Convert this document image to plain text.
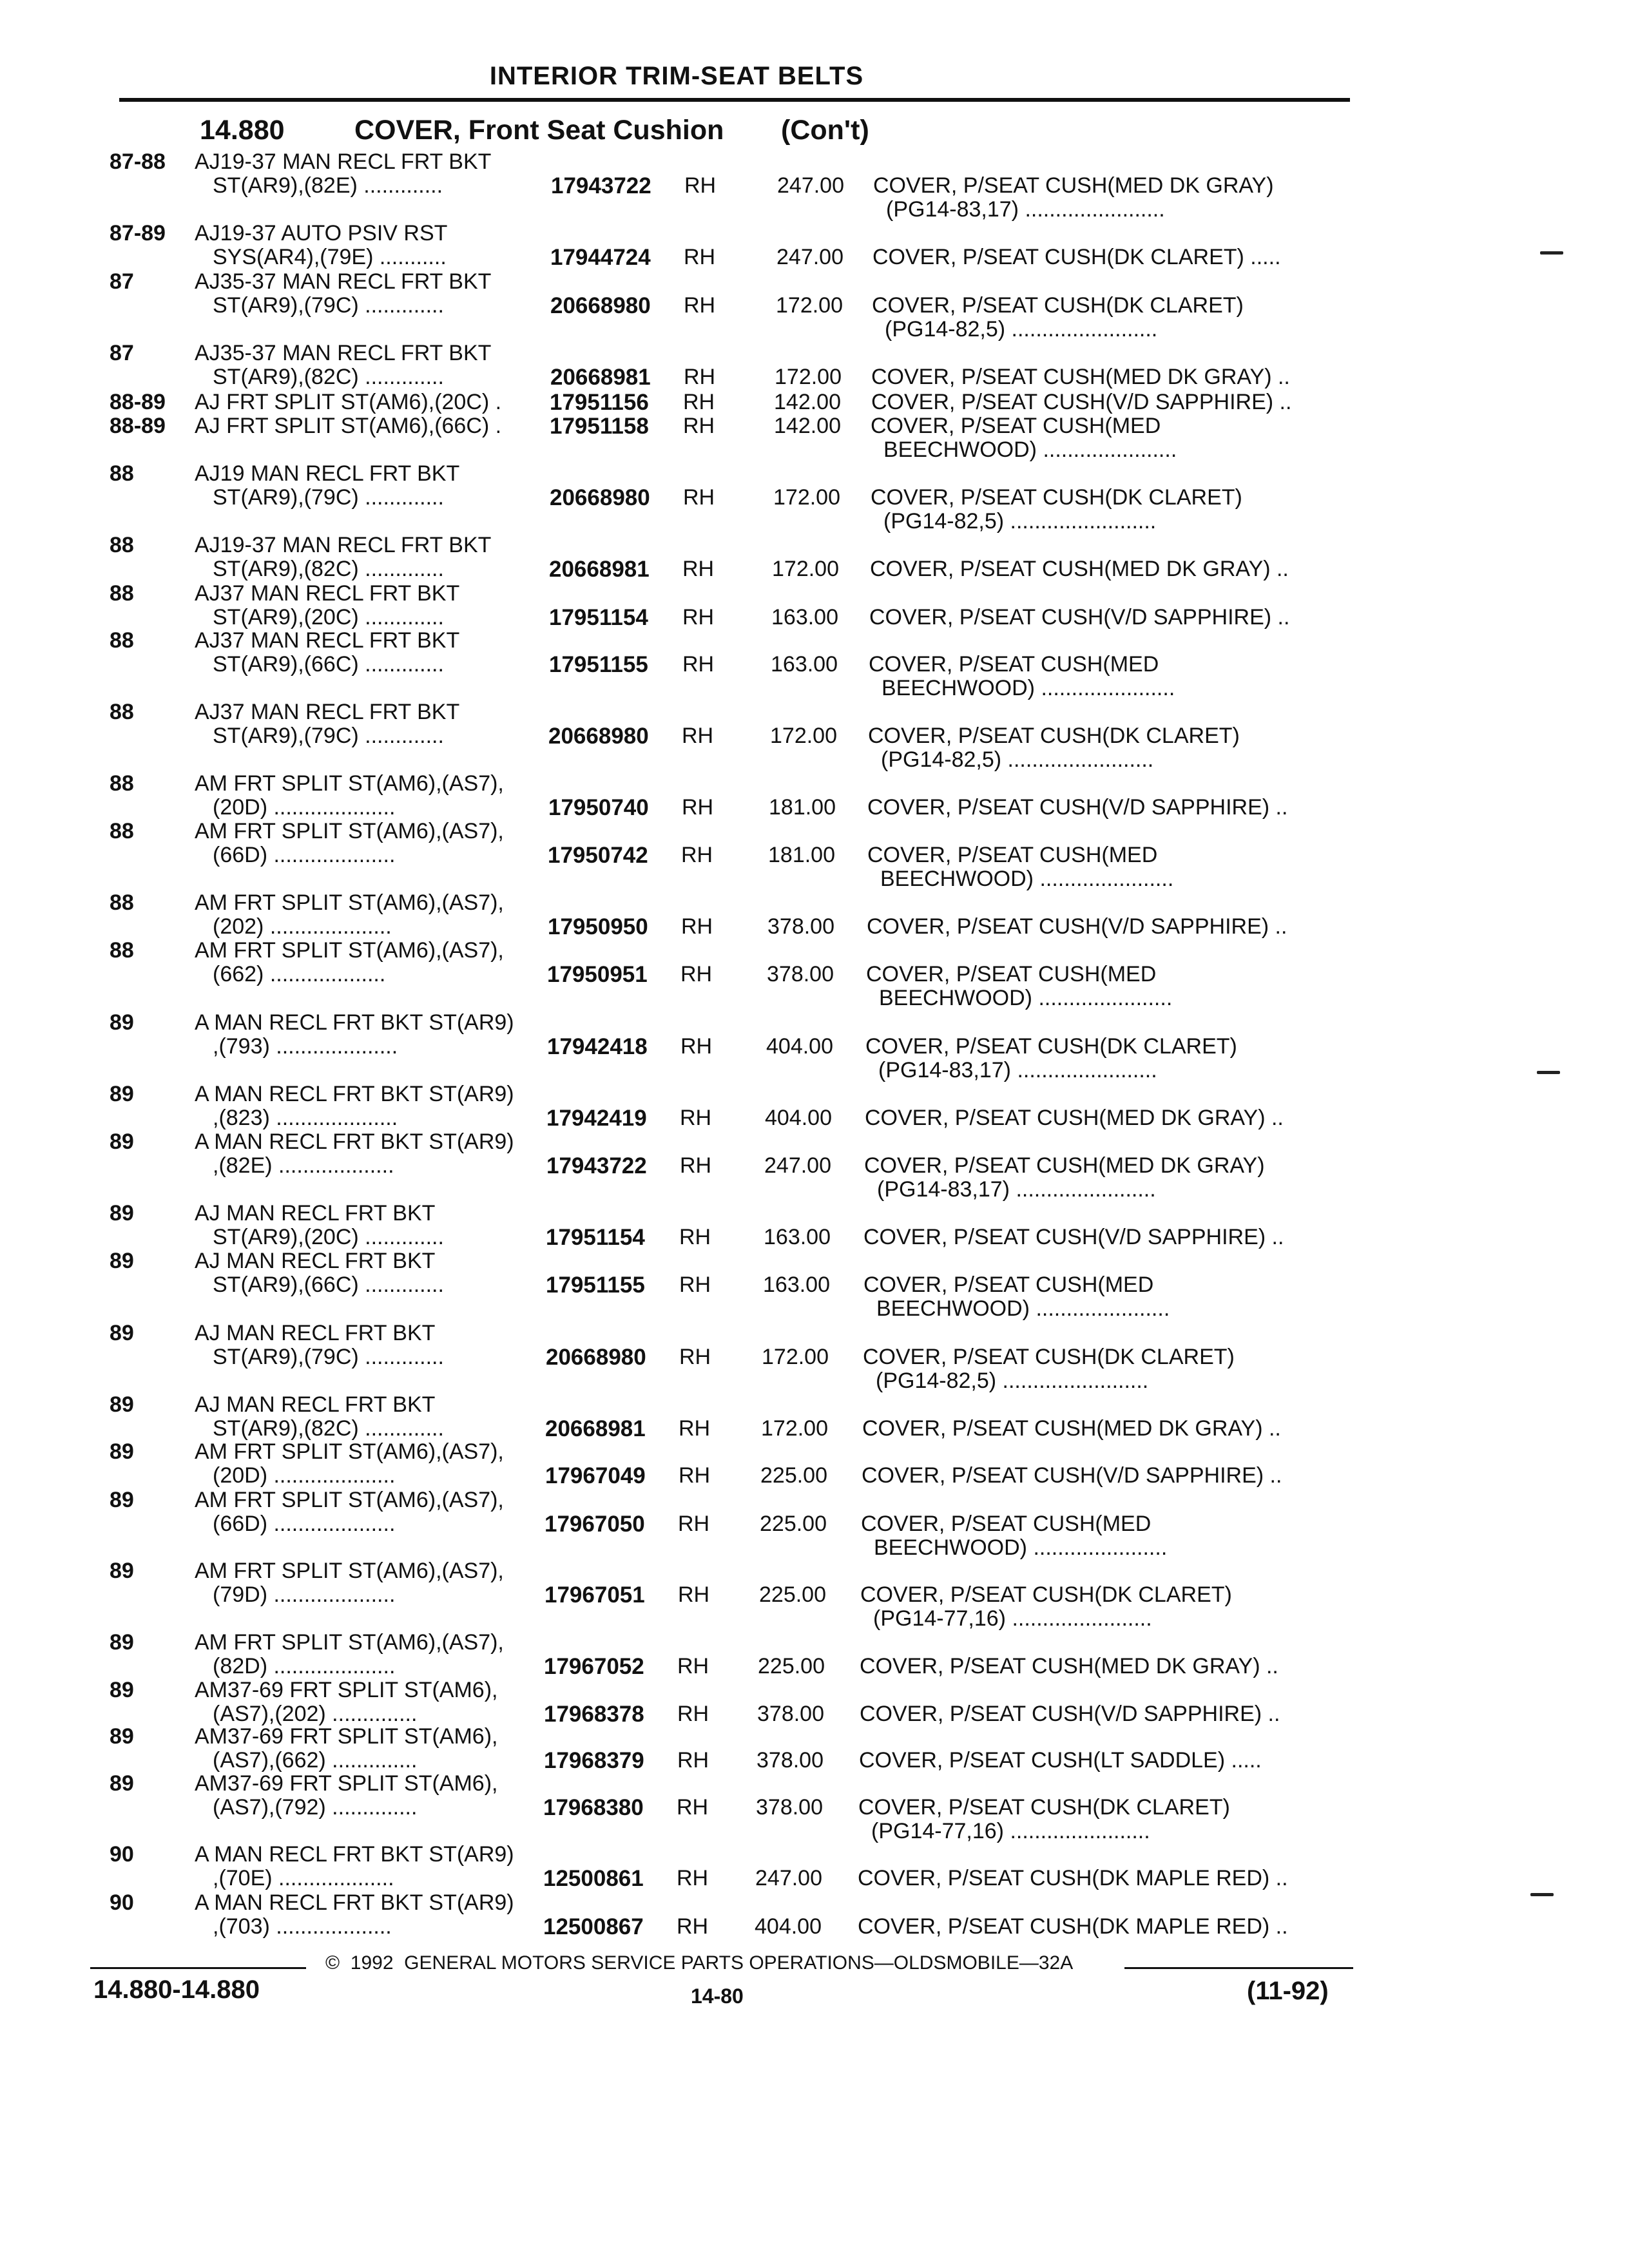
INTERIOR TRIM-SEAT BELTS

14.880

	COVER, Front Seat Cushion

(Con't)

87-88	AJ19-37 MAN RECL FRT BKT
ST(AR9),(82E) .............	17943722 RH	247.00 COVER, P/SEAT CUSH(MED DK GRAY)
(PG14-83,17) .......................
87-89	AJ19-37 AUTO PSIV RST
SYS(AR4),(79E) ...........	17944724 RH	247.00 COVER, P/SEAT CUSH(DK CLARET) .....
87	AJ35-37 MAN RECL FRT BKT
ST(AR9),(79C) .............	20668980 RH	172.00 COVER, P/SEAT CUSH(DK CLARET)
(PG14-82,5) ........................
87	AJ35-37 MAN RECL FRT BKT
ST(AR9),(82C) .............	20668981 RH	172.00 COVER, P/SEAT CUSH(MED DK GRAY) ..
88-89	AJ FRT SPLIT ST(AM6),(20C) . 17951156 RH	142.00 COVER, P/SEAT CUSH(V/D SAPPHIRE) ..
88-89	AJ FRT SPLIT ST(AM6),(66C) . 17951158 RH	142.00 COVER, P/SEAT CUSH(MED
BEECHWOOD) ......................
88	AJ19 MAN RECL FRT BKT
ST(AR9),(79C) .............	20668980 RH	172.00 COVER, P/SEAT CUSH(DK CLARET)
(PG14-82,5) ........................
88	AJ19-37 MAN RECL FRT BKT
ST(AR9),(82C) .............	20668981 RH	172.00 COVER, P/SEAT CUSH(MED DK GRAY) ..
88	AJ37 MAN RECL FRT BKT
ST(AR9),(20C) .............	17951154 RH	163.00 COVER, P/SEAT CUSH(V/D SAPPHIRE) ..
88	AJ37 MAN RECL FRT BKT
ST(AR9),(66C) .............	17951155 RH	163.00 COVER, P/SEAT CUSH(MED
BEECHWOOD) ......................
88	AJ37 MAN RECL FRT BKT
ST(AR9),(79C) .............	20668980 RH	172.00 COVER, P/SEAT CUSH(DK CLARET)
(PG14-82,5) ........................
88	AM FRT SPLIT ST(AM6),(AS7),
(20D) ....................	17950740 RH	181.00 COVER, P/SEAT CUSH(V/D SAPPHIRE) ..
88	AM FRT SPLIT ST(AM6),(AS7),
(66D) ....................	17950742 RH	181.00 COVER, P/SEAT CUSH(MED
BEECHWOOD) ......................
88	AM FRT SPLIT ST(AM6),(AS7),
(202) ....................	17950950 RH	378.00 COVER, P/SEAT CUSH(V/D SAPPHIRE) ..
88	AM FRT SPLIT ST(AM6),(AS7),
(662) ...................	17950951 RH	378.00 COVER, P/SEAT CUSH(MED
BEECHWOOD) ......................
89	A MAN RECL FRT BKT ST(AR9)
,(793) ....................	17942418 RH	404.00 COVER, P/SEAT CUSH(DK CLARET)
(PG14-83,17) .......................
89	A MAN RECL FRT BKT ST(AR9)
,(823) ....................	17942419 RH	404.00 COVER, P/SEAT CUSH(MED DK GRAY) ..
89	A MAN RECL FRT BKT ST(AR9)
,(82E) ...................	17943722 RH	247.00 COVER, P/SEAT CUSH(MED DK GRAY)
(PG14-83,17) .......................
89	AJ MAN RECL FRT BKT
ST(AR9),(20C) .............	17951154 RH	163.00 COVER, P/SEAT CUSH(V/D SAPPHIRE) ..
89	AJ MAN RECL FRT BKT
ST(AR9),(66C) .............	17951155 RH	163.00 COVER, P/SEAT CUSH(MED
BEECHWOOD) ......................
89	AJ MAN RECL FRT BKT
ST(AR9),(79C) .............	20668980 RH	172.00 COVER, P/SEAT CUSH(DK CLARET)
(PG14-82,5) ........................
89	AJ MAN RECL FRT BKT
ST(AR9),(82C) .............	20668981 RH	172.00 COVER, P/SEAT CUSH(MED DK GRAY) ..
89	AM FRT SPLIT ST(AM6),(AS7),
(20D) ....................	17967049 RH	225.00 COVER, P/SEAT CUSH(V/D SAPPHIRE) ..
89	AM FRT SPLIT ST(AM6),(AS7),
(66D) ....................	17967050 RH	225.00 COVER, P/SEAT CUSH(MED
BEECHWOOD) ......................
89	AM FRT SPLIT ST(AM6),(AS7),
(79D) ....................	17967051 RH	225.00 COVER, P/SEAT CUSH(DK CLARET)
(PG14-77,16) .......................
89	AM FRT SPLIT ST(AM6),(AS7),
(82D) ....................	17967052 RH	225.00 COVER, P/SEAT CUSH(MED DK GRAY) ..
89	AM37-69 FRT SPLIT ST(AM6),
(AS7),(202) ..............	17968378 RH	378.00 COVER, P/SEAT CUSH(V/D SAPPHIRE) ..
89	AM37-69 FRT SPLIT ST(AM6),
(AS7),(662) ..............	17968379 RH	378.00 COVER, P/SEAT CUSH(LT SADDLE) .....
89	AM37-69 FRT SPLIT ST(AM6),
(AS7),(792) ..............	17968380 RH	378.00 COVER, P/SEAT CUSH(DK CLARET)
(PG14-77,16) .......................
90	A MAN RECL FRT BKT ST(AR9)
,(70E) ...................	12500861 RH	247.00 COVER, P/SEAT CUSH(DK MAPLE RED) ..
90	A MAN RECL FRT BKT ST(AR9)
,(703) ...................	12500867 RH	404.00 COVER, P/SEAT CUSH(DK MAPLE RED) ..
©  1992  GENERAL MOTORS SERVICE PARTS OPERATIONS—OLDSMOBILE—32A
14.880-14.880	14-80	(11-92)
